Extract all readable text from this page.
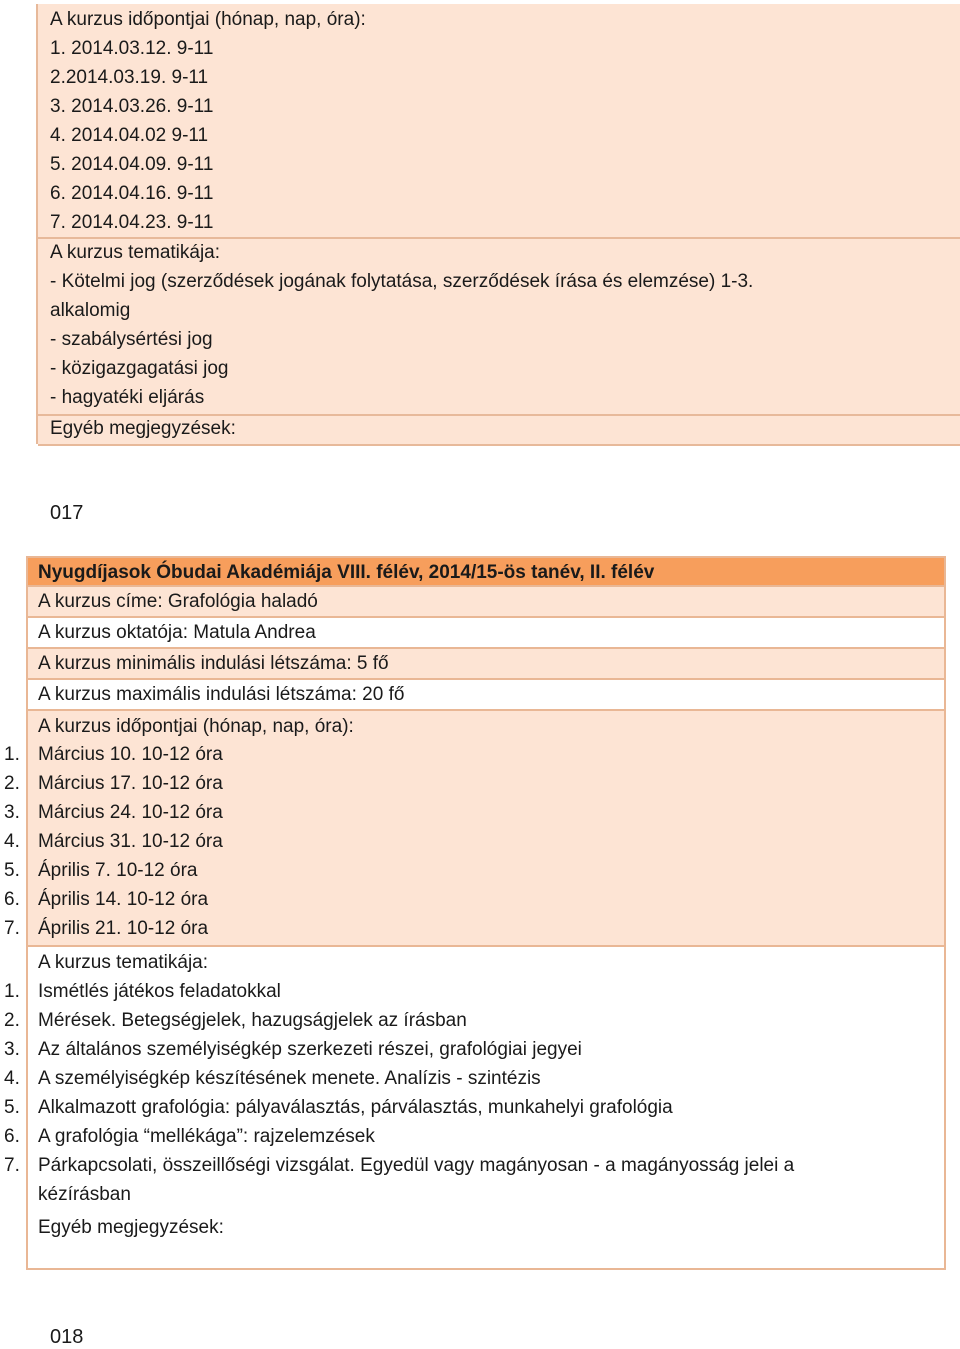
A kurzus időpontjai (hónap, nap, óra):
1. 2014.03.12. 9-11
2.2014.03.19. 9-11
3. 2014.03.26. 9-11
4. 2014.04.02 9-11
5. 2014.04.09. 9-11
6. 2014.04.16. 9-11
7. 2014.04.23. 9-11
A kurzus tematikája:
- Kötelmi jog (szerződések jogának folytatása, szerződések írása és elemzése) 1-3.
alkalomig
- szabálysértési jog
- közigazgagatási jog
- hagyatéki eljárás
Egyéb megjegyzések:
017
Nyugdíjasok Óbudai Akadémiája VIII. félév, 2014/15-ös tanév, II. félév
A kurzus címe: Grafológia haladó
A kurzus oktatója: Matula Andrea
A kurzus minimális indulási létszáma: 5 fő
A kurzus maximális indulási létszáma: 20 fő
A kurzus időpontjai (hónap, nap, óra):
A kurzus tematikája:
1. Március 10. 10-12 óra
2. Március 17. 10-12 óra
3. Március 24. 10-12 óra
4. Március 31. 10-12 óra
5. Április 7. 10-12 óra
6. Április 14. 10-12 óra
7. Április 21. 10-12 óra
1. Ismétlés játékos feladatokkal
2. Mérések. Betegségjelek, hazugságjelek az írásban
3. Az általános személyiségkép szerkezeti részei, grafológiai jegyei
4. A személyiségkép készítésének menete. Analízis - szintézis
5. Alkalmazott grafológia: pályaválasztás, párválasztás, munkahelyi grafológia
6. A grafológia “mellékága”: rajzelemzések
7. Párkapcsolati, összeillőségi vizsgálat. Egyedül vagy magányosan - a magányosság jelei a
kézírásban
Egyéb megjegyzések:
018
